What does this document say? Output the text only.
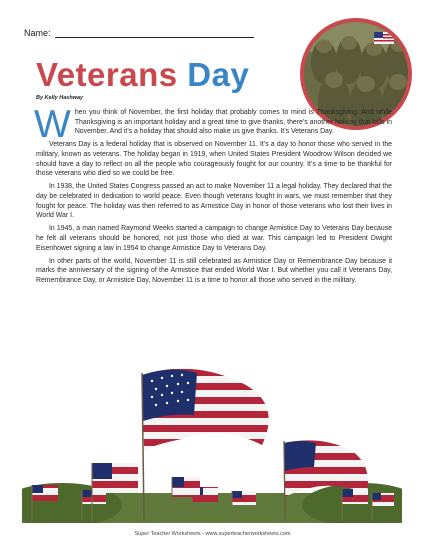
Name:
Veterans Day
By Kelly Hashway

W hen you think of November, the first holiday that probably comes to mind is Thanksgiving. And while Thanksgiving is an important holiday and a great time to give thanks, there’s another holiday that falls in November. And it’s a holiday that should also make us give thanks. It’s Veterans Day.

Veterans Day is a federal holiday that is observed on November 11. It’s a day to honor those who served in the military, known as veterans. The holiday began in 1919, when United States President Woodrow Wilson decided we should have a day to reflect on all the people who courageously fought for our country. It’s a time to be thankful for those veterans who died so we could be free.

In 1938, the United States Congress passed an act to make November 11 a legal holiday. They declared that the day be celebrated in dedication to world peace. Even though veterans fought in wars, we must remember that they fought for peace. The holiday was then referred to as Armistice Day in honor of those veterans who lost their lives in World War I.

In 1945, a man named Raymond Weeks started a campaign to change Armistice Day to Veterans Day because he felt all veterans should be honored, not just those who died at war. This campaign led to President Dwight Eisenhower signing a law in 1954 to change Armistice Day to Veterans Day.

In other parts of the world, November 11 is still celebrated as Armistice Day or Remembrance Day because it marks the anniversary of the signing of the Armistice that ended World War I. But whether you call it Veterans Day, Remembrance Day, or Armistice Day, November 11 is a time to honor all those who served in the military.

Super Teacher Worksheets - www.superteacherworksheets.com
